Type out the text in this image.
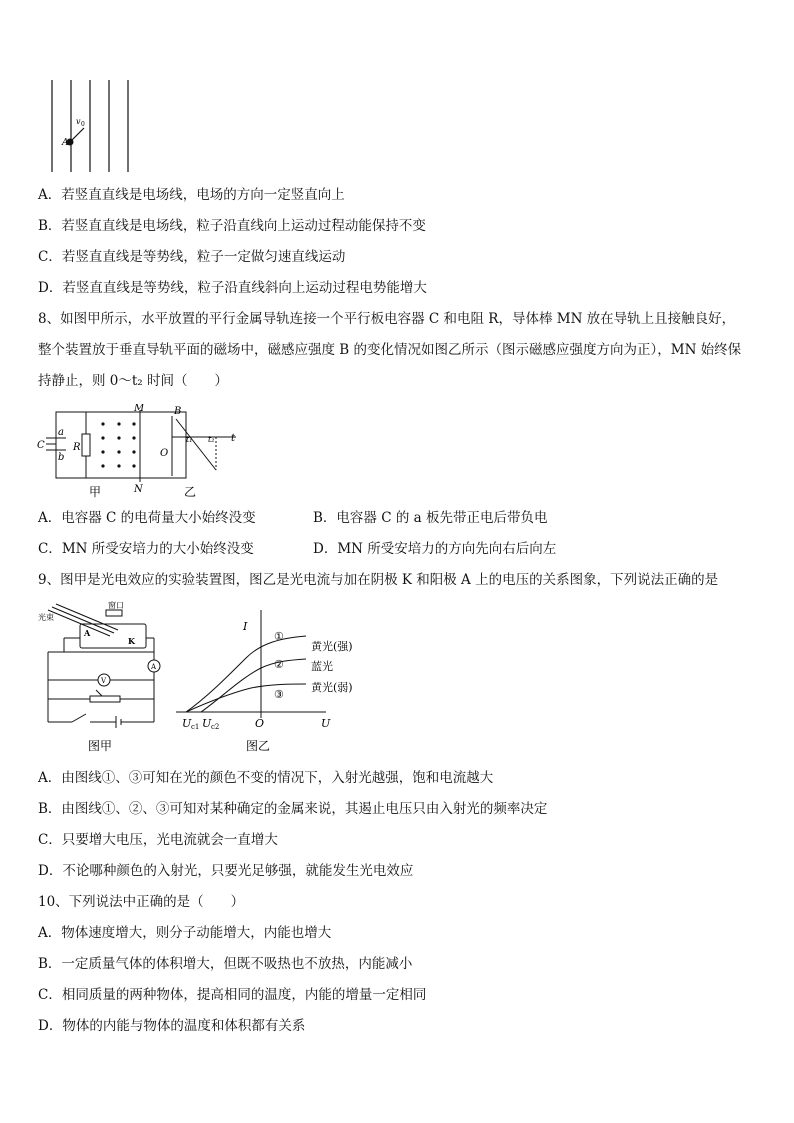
A
v 0
A．若竖直直线是电场线，电场的方向一定竖直向上
B．若竖直直线是电场线，粒子沿直线向上运动过程动能保持不变
C．若竖直直线是等势线，粒子一定做匀速直线运动
D．若竖直直线是等势线，粒子沿直线斜向上运动过程电势能增大
8、如图甲所示，水平放置的平行金属导轨连接一个平行板电容器 C 和电阻 R，导体棒 MN 放在导轨上且接触良好，
整个装置放于垂直导轨平面的磁场中，磁感应强度 B 的变化情况如图乙所示（图示磁感应强度方向为正），MN 始终保
持静止，则 0～t₂ 时间（　　）
M
N
a
b
C	R
B
O
t₁ t₂ t
甲	乙
A．电容器 C 的电荷量大小始终没变	B．电容器 C 的 a 板先带正电后带负电
C．MN 所受安培力的大小始终没变	D．MN 所受安培力的方向先向右后向左
9、图甲是光电效应的实验装置图，图乙是光电流与加在阴极 K 和阳极 A 上的电压的关系图象，下列说法正确的是
窗口
光束
A
K
A
V
I
U
O
U c1 U c2
①
②
③
黄光(强)
蓝光
黄光(弱)
图甲	图乙
A．由图线①、③可知在光的颜色不变的情况下，入射光越强，饱和电流越大
B．由图线①、②、③可知对某种确定的金属来说，其遏止电压只由入射光的频率决定
C．只要增大电压，光电流就会一直增大
D．不论哪种颜色的入射光，只要光足够强，就能发生光电效应
10、下列说法中正确的是（　　）
A．物体速度增大，则分子动能增大，内能也增大
B．一定质量气体的体积增大，但既不吸热也不放热，内能减小
C．相同质量的两种物体，提高相同的温度，内能的增量一定相同
D．物体的内能与物体的温度和体积都有关系
